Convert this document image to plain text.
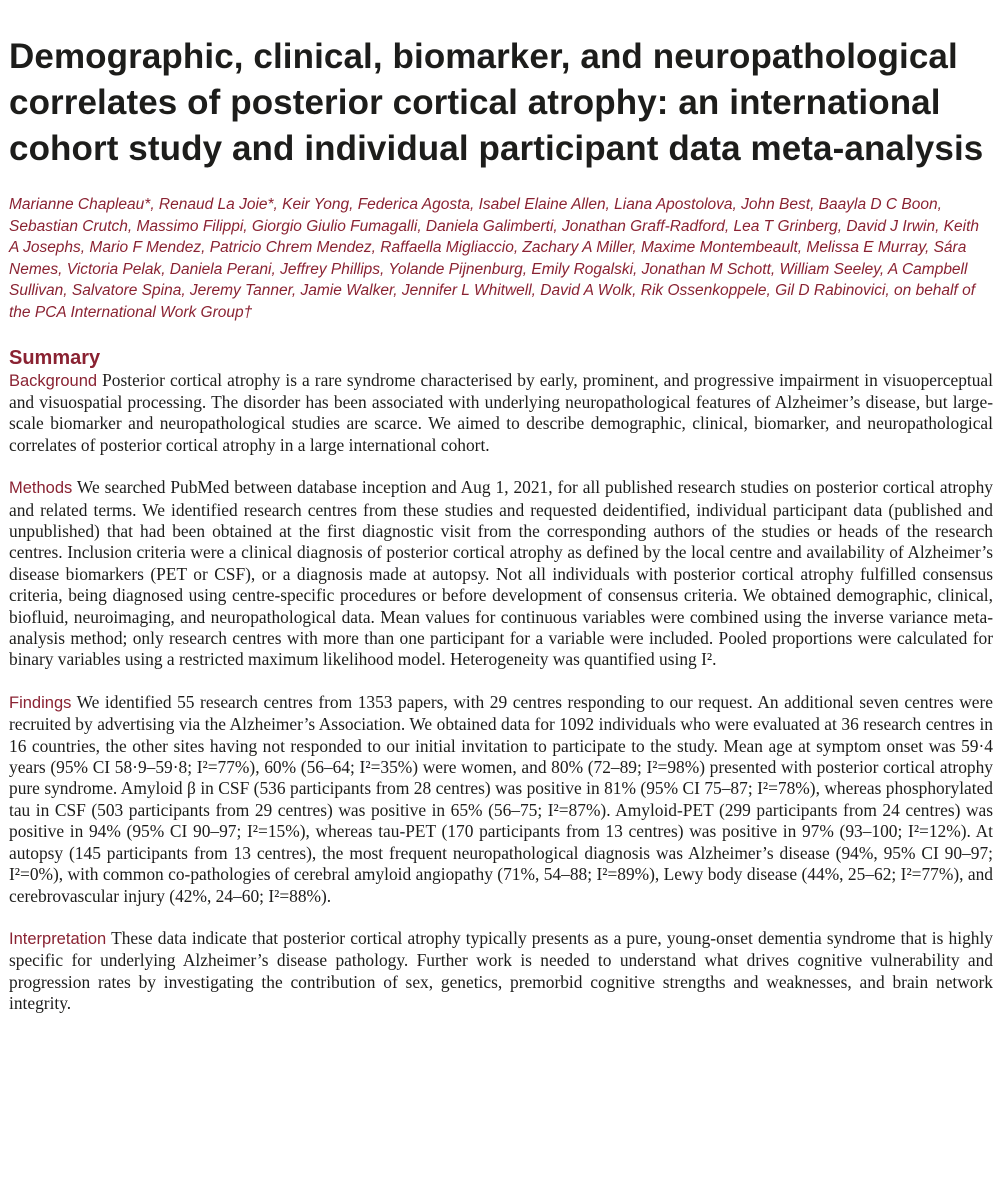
Demographic, clinical, biomarker, and neuropathological correlates of posterior cortical atrophy: an international cohort study and individual participant data meta-analysis

Marianne Chapleau*, Renaud La Joie*, Keir Yong, Federica Agosta, Isabel Elaine Allen, Liana Apostolova, John Best, Baayla D C Boon, Sebastian Crutch, Massimo Filippi, Giorgio Giulio Fumagalli, Daniela Galimberti, Jonathan Graff-Radford, Lea T Grinberg, David J Irwin, Keith A Josephs, Mario F Mendez, Patricio Chrem Mendez, Raffaella Migliaccio, Zachary A Miller, Maxime Montembeault, Melissa E Murray, Sára Nemes, Victoria Pelak, Daniela Perani, Jeffrey Phillips, Yolande Pijnenburg, Emily Rogalski, Jonathan M Schott, William Seeley, A Campbell Sullivan, Salvatore Spina, Jeremy Tanner, Jamie Walker, Jennifer L Whitwell, David A Wolk, Rik Ossenkoppele, Gil D Rabinovici, on behalf of the PCA International Work Group†

Summary

Background Posterior cortical atrophy is a rare syndrome characterised by early, prominent, and progressive impairment in visuoperceptual and visuospatial processing. The disorder has been associated with underlying neuropathological features of Alzheimer’s disease, but large-scale biomarker and neuropathological studies are scarce. We aimed to describe demographic, clinical, biomarker, and neuropathological correlates of posterior cortical atrophy in a large international cohort.

Methods We searched PubMed between database inception and Aug 1, 2021, for all published research studies on posterior cortical atrophy and related terms. We identified research centres from these studies and requested deidentified, individual participant data (published and unpublished) that had been obtained at the first diagnostic visit from the corresponding authors of the studies or heads of the research centres. Inclusion criteria were a clinical diagnosis of posterior cortical atrophy as defined by the local centre and availability of Alzheimer’s disease biomarkers (PET or CSF), or a diagnosis made at autopsy. Not all individuals with posterior cortical atrophy fulfilled consensus criteria, being diagnosed using centre-specific procedures or before development of consensus criteria. We obtained demographic, clinical, biofluid, neuroimaging, and neuropathological data. Mean values for continuous variables were combined using the inverse variance meta-analysis method; only research centres with more than one participant for a variable were included. Pooled proportions were calculated for binary variables using a restricted maximum likelihood model. Heterogeneity was quantified using I².

Findings We identified 55 research centres from 1353 papers, with 29 centres responding to our request. An additional seven centres were recruited by advertising via the Alzheimer’s Association. We obtained data for 1092 individuals who were evaluated at 36 research centres in 16 countries, the other sites having not responded to our initial invitation to participate to the study. Mean age at symptom onset was 59·4 years (95% CI 58·9–59·8; I²=77%), 60% (56–64; I²=35%) were women, and 80% (72–89; I²=98%) presented with posterior cortical atrophy pure syndrome. Amyloid β in CSF (536 participants from 28 centres) was positive in 81% (95% CI 75–87; I²=78%), whereas phosphorylated tau in CSF (503 participants from 29 centres) was positive in 65% (56–75; I²=87%). Amyloid-PET (299 participants from 24 centres) was positive in 94% (95% CI 90–97; I²=15%), whereas tau-PET (170 participants from 13 centres) was positive in 97% (93–100; I²=12%). At autopsy (145 participants from 13 centres), the most frequent neuropathological diagnosis was Alzheimer’s disease (94%, 95% CI 90–97; I²=0%), with common co-pathologies of cerebral amyloid angiopathy (71%, 54–88; I²=89%), Lewy body disease (44%, 25–62; I²=77%), and cerebrovascular injury (42%, 24–60; I²=88%).

Interpretation These data indicate that posterior cortical atrophy typically presents as a pure, young-onset dementia syndrome that is highly specific for underlying Alzheimer’s disease pathology. Further work is needed to understand what drives cognitive vulnerability and progression rates by investigating the contribution of sex, genetics, premorbid cognitive strengths and weaknesses, and brain network integrity.
